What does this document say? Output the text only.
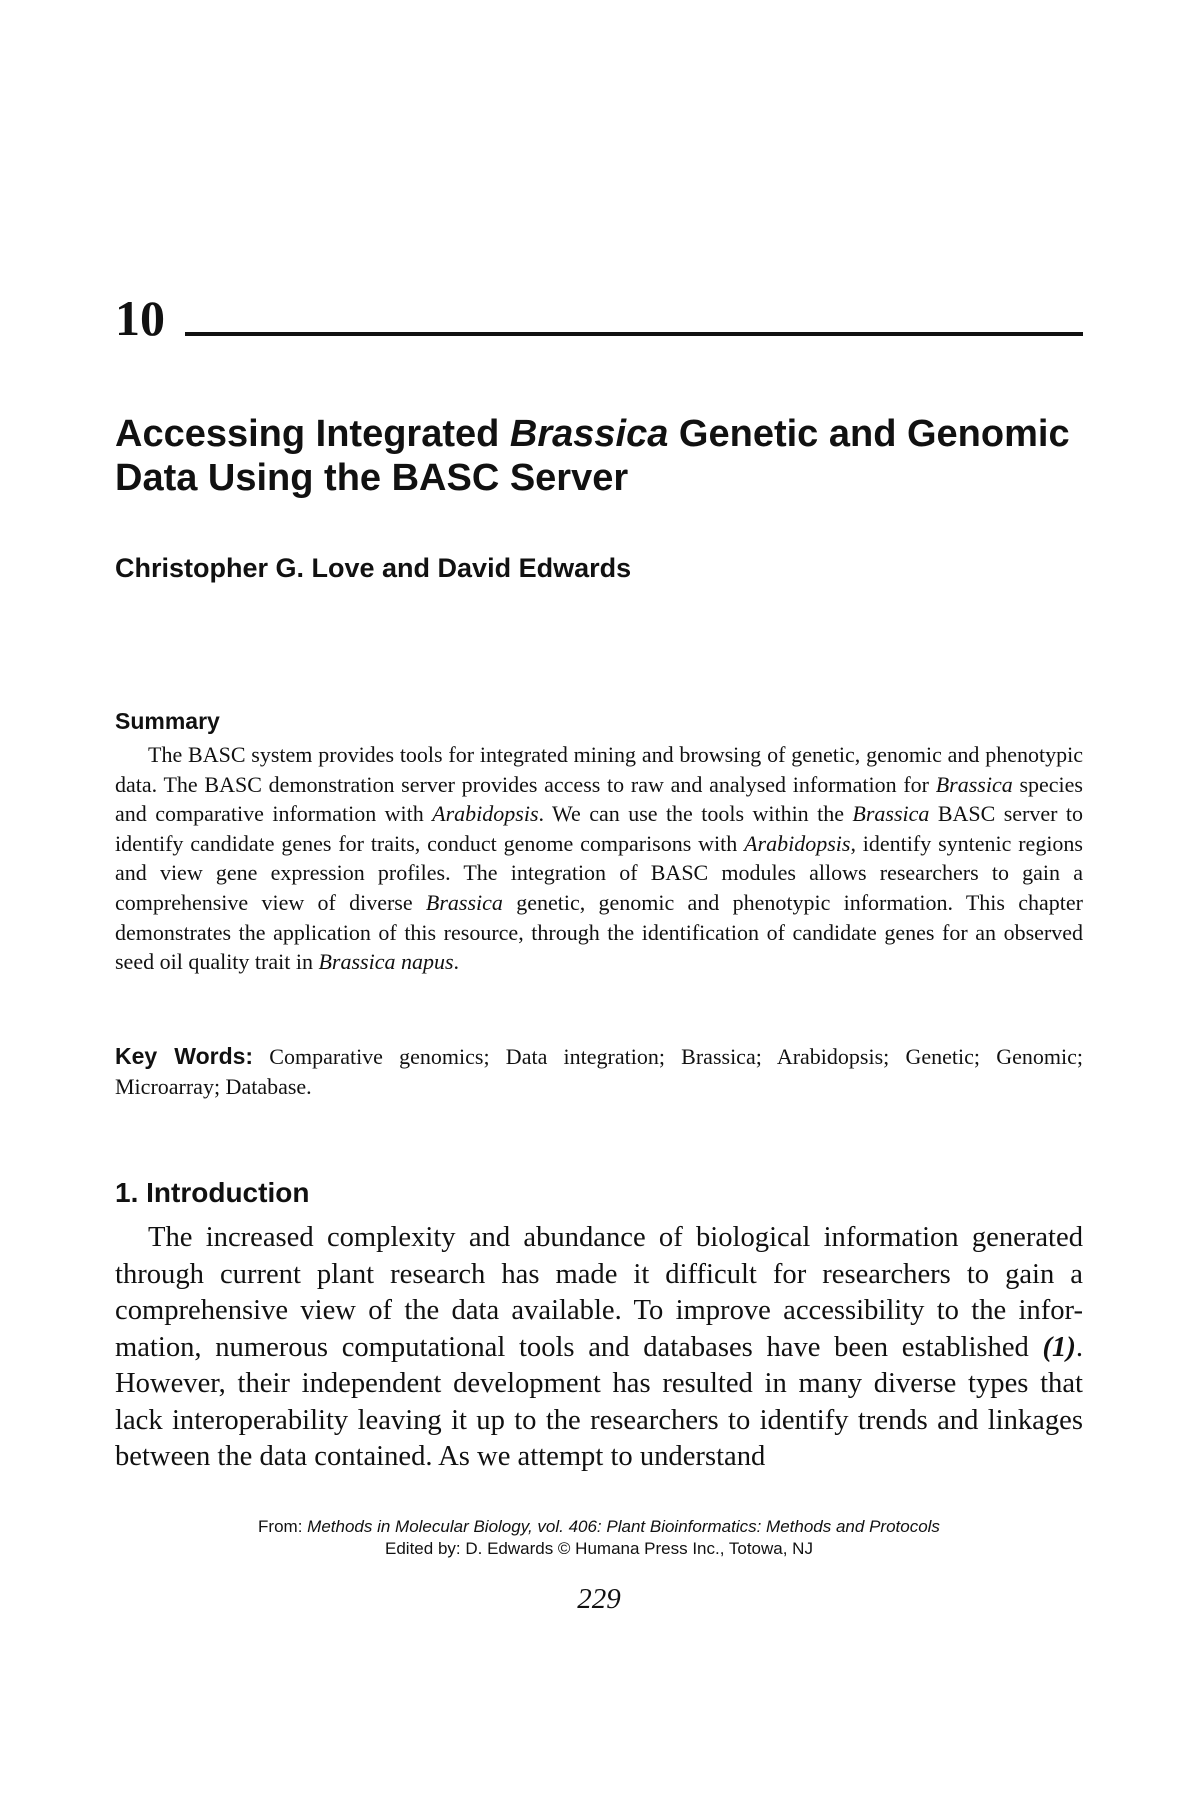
10
Accessing Integrated Brassica Genetic and Genomic Data Using the BASC Server

Christopher G. Love and David Edwards

Summary

The BASC system provides tools for integrated mining and browsing of genetic, genomic and phenotypic data. The BASC demonstration server provides access to raw and analysed information for Brassica species and comparative information with Arabidopsis. We can use the tools within the Brassica BASC server to identify candidate genes for traits, conduct genome comparisons with Arabidopsis, identify syntenic regions and view gene expression profiles. The integration of BASC modules allows researchers to gain a comprehensive view of diverse Brassica genetic, genomic and phenotypic information. This chapter demonstrates the application of this resource, through the identification of candidate genes for an observed seed oil quality trait in Brassica napus.

Key Words: Comparative genomics; Data integration; Brassica; Arabidopsis; Genetic; Genomic; Microarray; Database.

1. Introduction

The increased complexity and abundance of biological information generated through current plant research has made it difficult for researchers to gain a comprehensive view of the data available. To improve accessibility to the infor-mation, numerous computational tools and databases have been established (1). However, their independent development has resulted in many diverse types that lack interoperability leaving it up to the researchers to identify trends and linkages between the data contained. As we attempt to understand

From: Methods in Molecular Biology, vol. 406: Plant Bioinformatics: Methods and Protocols
Edited by: D. Edwards © Humana Press Inc., Totowa, NJ
229
